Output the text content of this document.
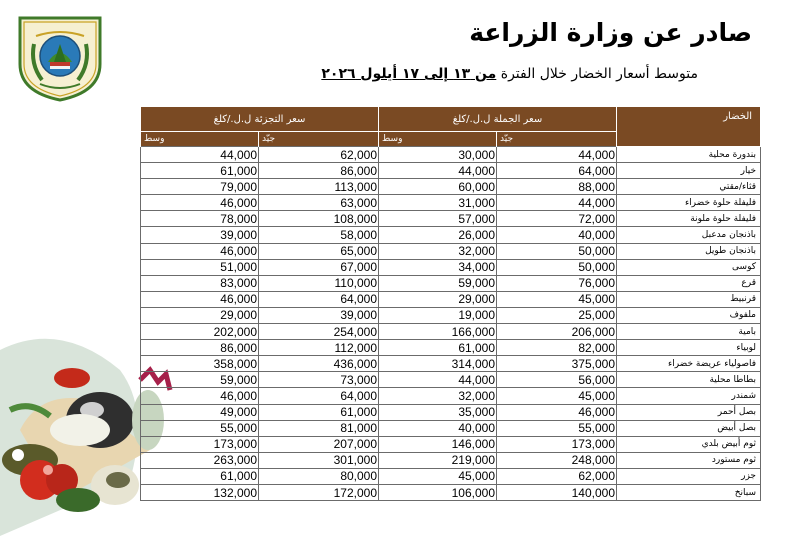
صادر عن وزارة الزراعة
متوسط أسعار الخضار خلال الفترة من ١٣ إلى ١٧ أيلول ٢٠٢٦
سعر التجزئة ل.ل./كلغ		سعر الجملة ل.ل./كلغ		الخضار
وسط	جيّد	وسط	جيّد	
44,000	62,000	30,000	44,000	بندورة محلية
61,000	86,000	44,000	64,000	خيار
79,000	113,000	60,000	88,000	قثاء/مقتي
46,000	63,000	31,000	44,000	فليفلة حلوة خضراء
78,000	108,000	57,000	72,000	فليفلة حلوة ملونة
39,000	58,000	26,000	40,000	باذنجان مدعبل
46,000	65,000	32,000	50,000	باذنجان طويل
51,000	67,000	34,000	50,000	كوسى
83,000	110,000	59,000	76,000	قرع
46,000	64,000	29,000	45,000	قرنبيط
29,000	39,000	19,000	25,000	ملفوف
202,000	254,000	166,000	206,000	بامية
86,000	112,000	61,000	82,000	لوبياء
358,000	436,000	314,000	375,000	فاصولياء عريضة خضراء
59,000	73,000	44,000	56,000	بطاطا محلية
46,000	64,000	32,000	45,000	شمندر
49,000	61,000	35,000	46,000	بصل أحمر
55,000	81,000	40,000	55,000	بصل أبيض
173,000	207,000	146,000	173,000	ثوم أبيض بلدي
263,000	301,000	219,000	248,000	ثوم مستورد
61,000	80,000	45,000	62,000	جزر
132,000	172,000	106,000	140,000	سبانخ
